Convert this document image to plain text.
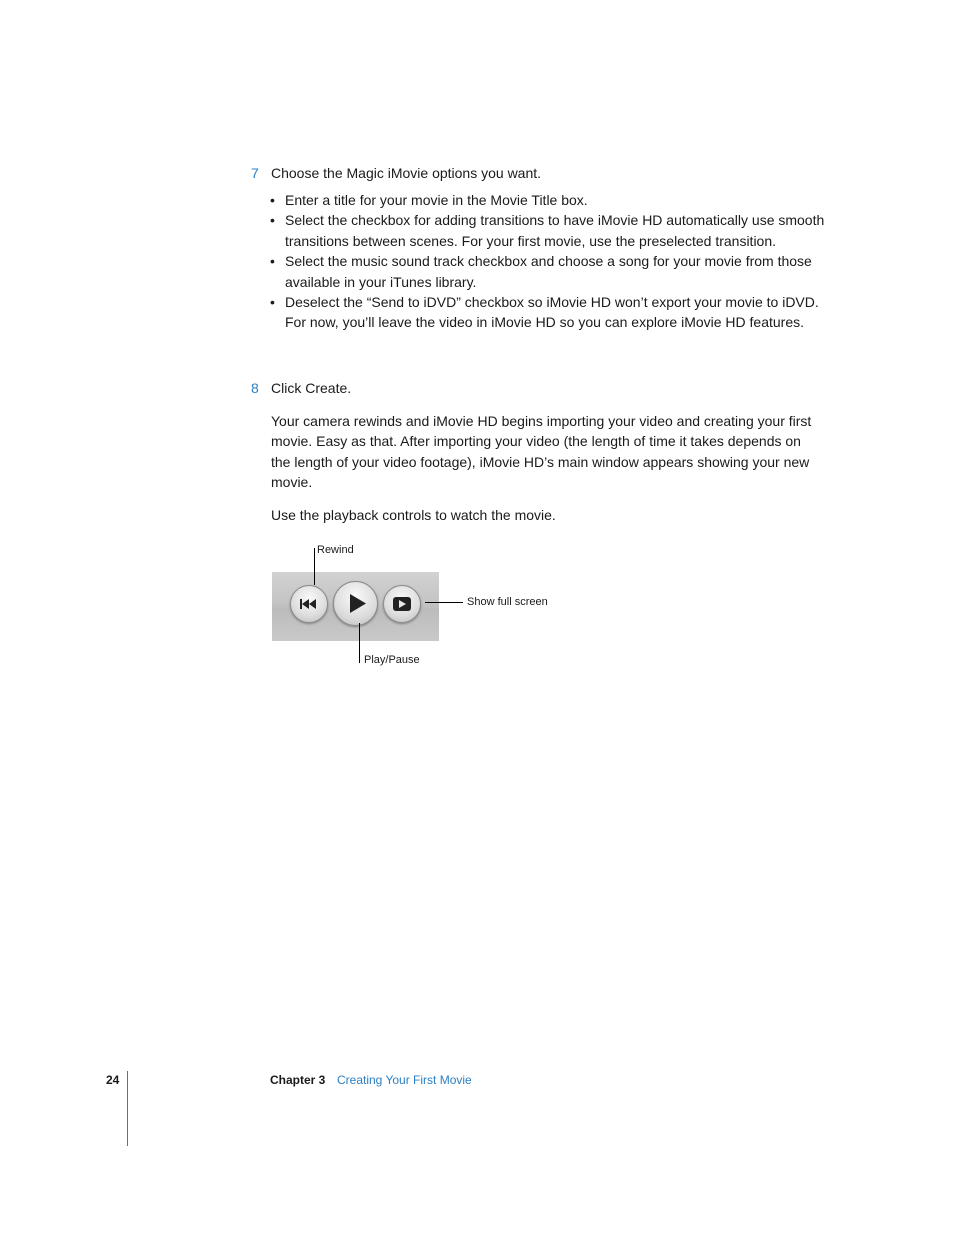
7 Choose the Magic iMovie options you want.
• Enter a title for your movie in the Movie Title box.
• Select the checkbox for adding transitions to have iMovie HD automatically use smooth transitions between scenes. For your first movie, use the preselected transition.
• Select the music sound track checkbox and choose a song for your movie from those available in your iTunes library.
• Deselect the “Send to iDVD” checkbox so iMovie HD won’t export your movie to iDVD. For now, you’ll leave the video in iMovie HD so you can explore iMovie HD features.
8 Click Create.

Your camera rewinds and iMovie HD begins importing your video and creating your first movie. Easy as that. After importing your video (the length of time it takes depends on the length of your video footage), iMovie HD’s main window appears showing your new movie.

Use the playback controls to watch the movie.

Rewind
Play/Pause
Show full screen
24	Chapter 3 Creating Your First Movie
